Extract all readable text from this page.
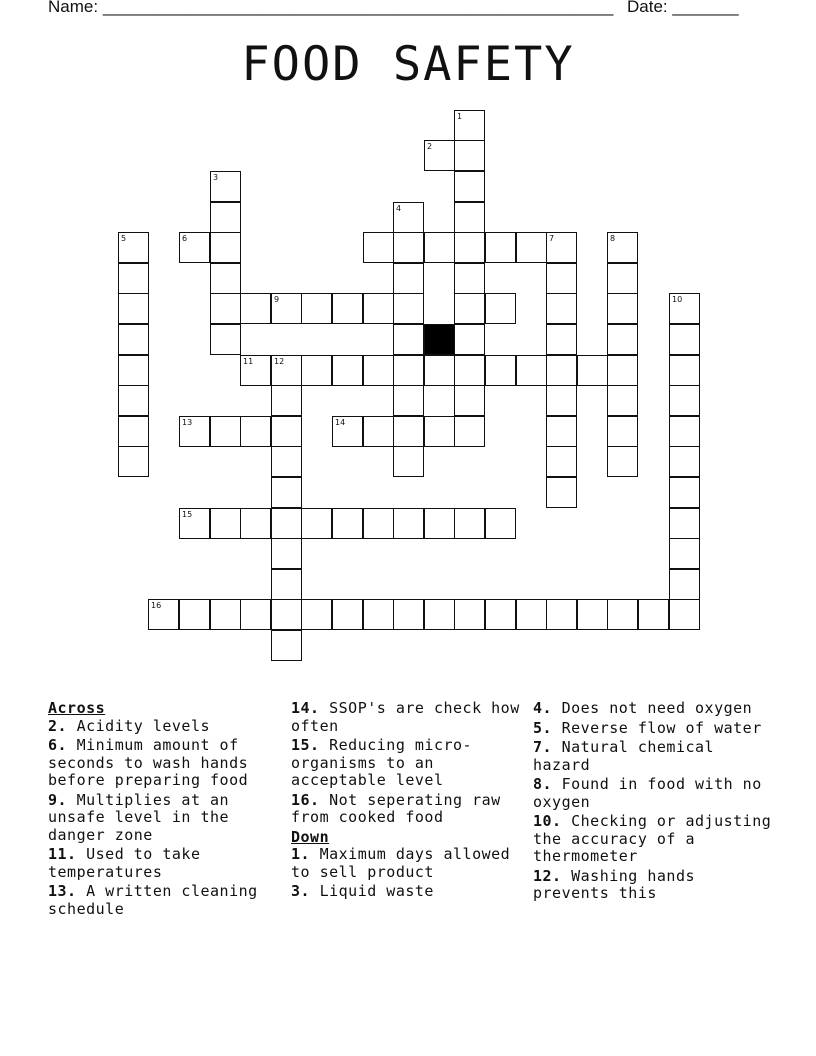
Name: ______________________________________________________ Date: _______
FOOD SAFETY
1
2
3
4
5	6	7	8
9	10
11	12
13	14
15
16
Across
2. Acidity levels
6. Minimum amount of seconds to wash hands before preparing food
9. Multiplies at an unsafe level in the danger zone
11. Used to take temperatures
13. A written cleaning schedule
14. SSOP's are check how often
15. Reducing micro-organisms to an acceptable level
16. Not seperating raw from cooked food
Down
1. Maximum days allowed to sell product
3. Liquid waste
4. Does not need oxygen
5. Reverse flow of water
7. Natural chemical hazard
8. Found in food with no oxygen
10. Checking or adjusting the accuracy of a thermometer
12. Washing hands prevents this
